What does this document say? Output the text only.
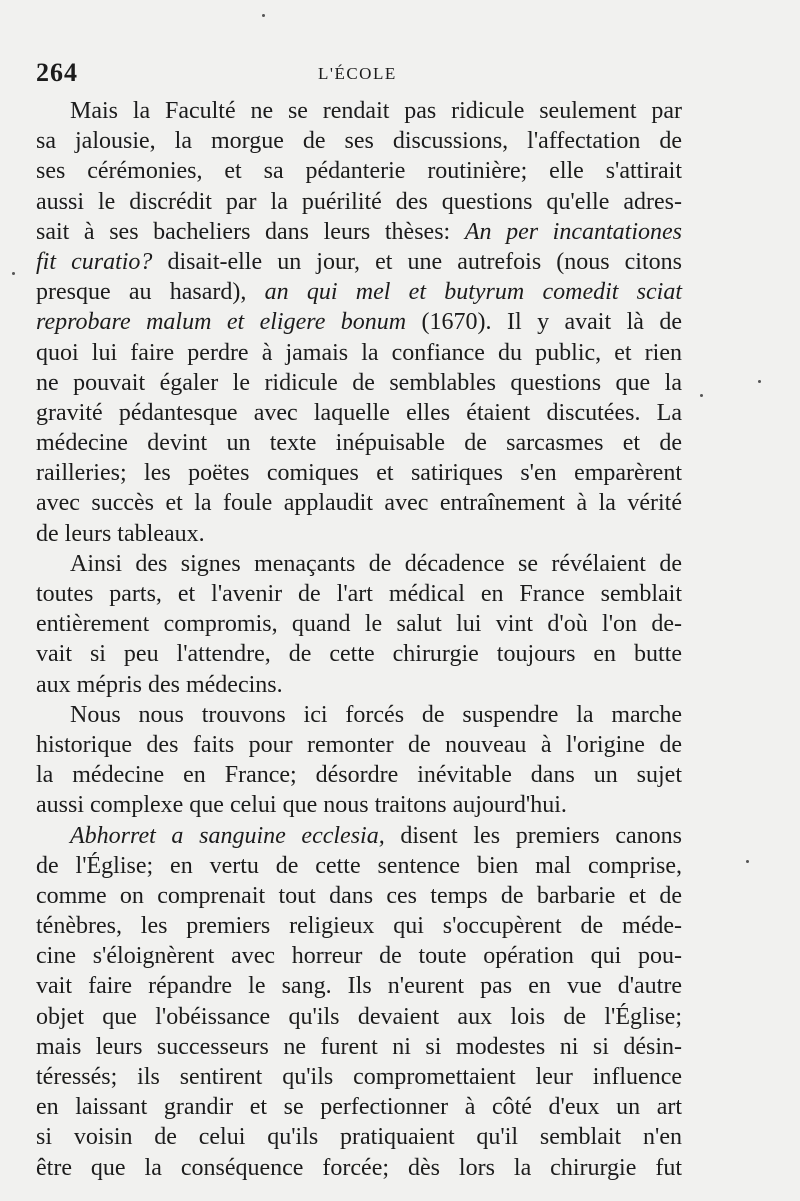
264	L'ÉCOLE
Mais la Faculté ne se rendait pas ridicule seulement par
sa jalousie, la morgue de ses discussions, l'affectation de
ses cérémonies, et sa pédanterie routinière; elle s'attirait
aussi le discrédit par la puérilité des questions qu'elle adres-
sait à ses bacheliers dans leurs thèses: An per incantationes
fit curatio? disait-elle un jour, et une autrefois (nous citons
presque au hasard), an qui mel et butyrum comedit sciat
reprobare malum et eligere bonum (1670). Il y avait là de
quoi lui faire perdre à jamais la confiance du public, et rien
ne pouvait égaler le ridicule de semblables questions que la
gravité pédantesque avec laquelle elles étaient discutées. La
médecine devint un texte inépuisable de sarcasmes et de
railleries; les poëtes comiques et satiriques s'en emparèrent
avec succès et la foule applaudit avec entraînement à la vérité
de leurs tableaux.
Ainsi des signes menaçants de décadence se révélaient de
toutes parts, et l'avenir de l'art médical en France semblait
entièrement compromis, quand le salut lui vint d'où l'on de-
vait si peu l'attendre, de cette chirurgie toujours en butte
aux mépris des médecins.
Nous nous trouvons ici forcés de suspendre la marche
historique des faits pour remonter de nouveau à l'origine de
la médecine en France; désordre inévitable dans un sujet
aussi complexe que celui que nous traitons aujourd'hui.
Abhorret a sanguine ecclesia, disent les premiers canons
de l'Église; en vertu de cette sentence bien mal comprise,
comme on comprenait tout dans ces temps de barbarie et de
ténèbres, les premiers religieux qui s'occupèrent de méde-
cine s'éloignèrent avec horreur de toute opération qui pou-
vait faire répandre le sang. Ils n'eurent pas en vue d'autre
objet que l'obéissance qu'ils devaient aux lois de l'Église;
mais leurs successeurs ne furent ni si modestes ni si désin-
téressés; ils sentirent qu'ils compromettaient leur influence
en laissant grandir et se perfectionner à côté d'eux un art
si voisin de celui qu'ils pratiquaient qu'il semblait n'en
être que la conséquence forcée; dès lors la chirurgie fut
